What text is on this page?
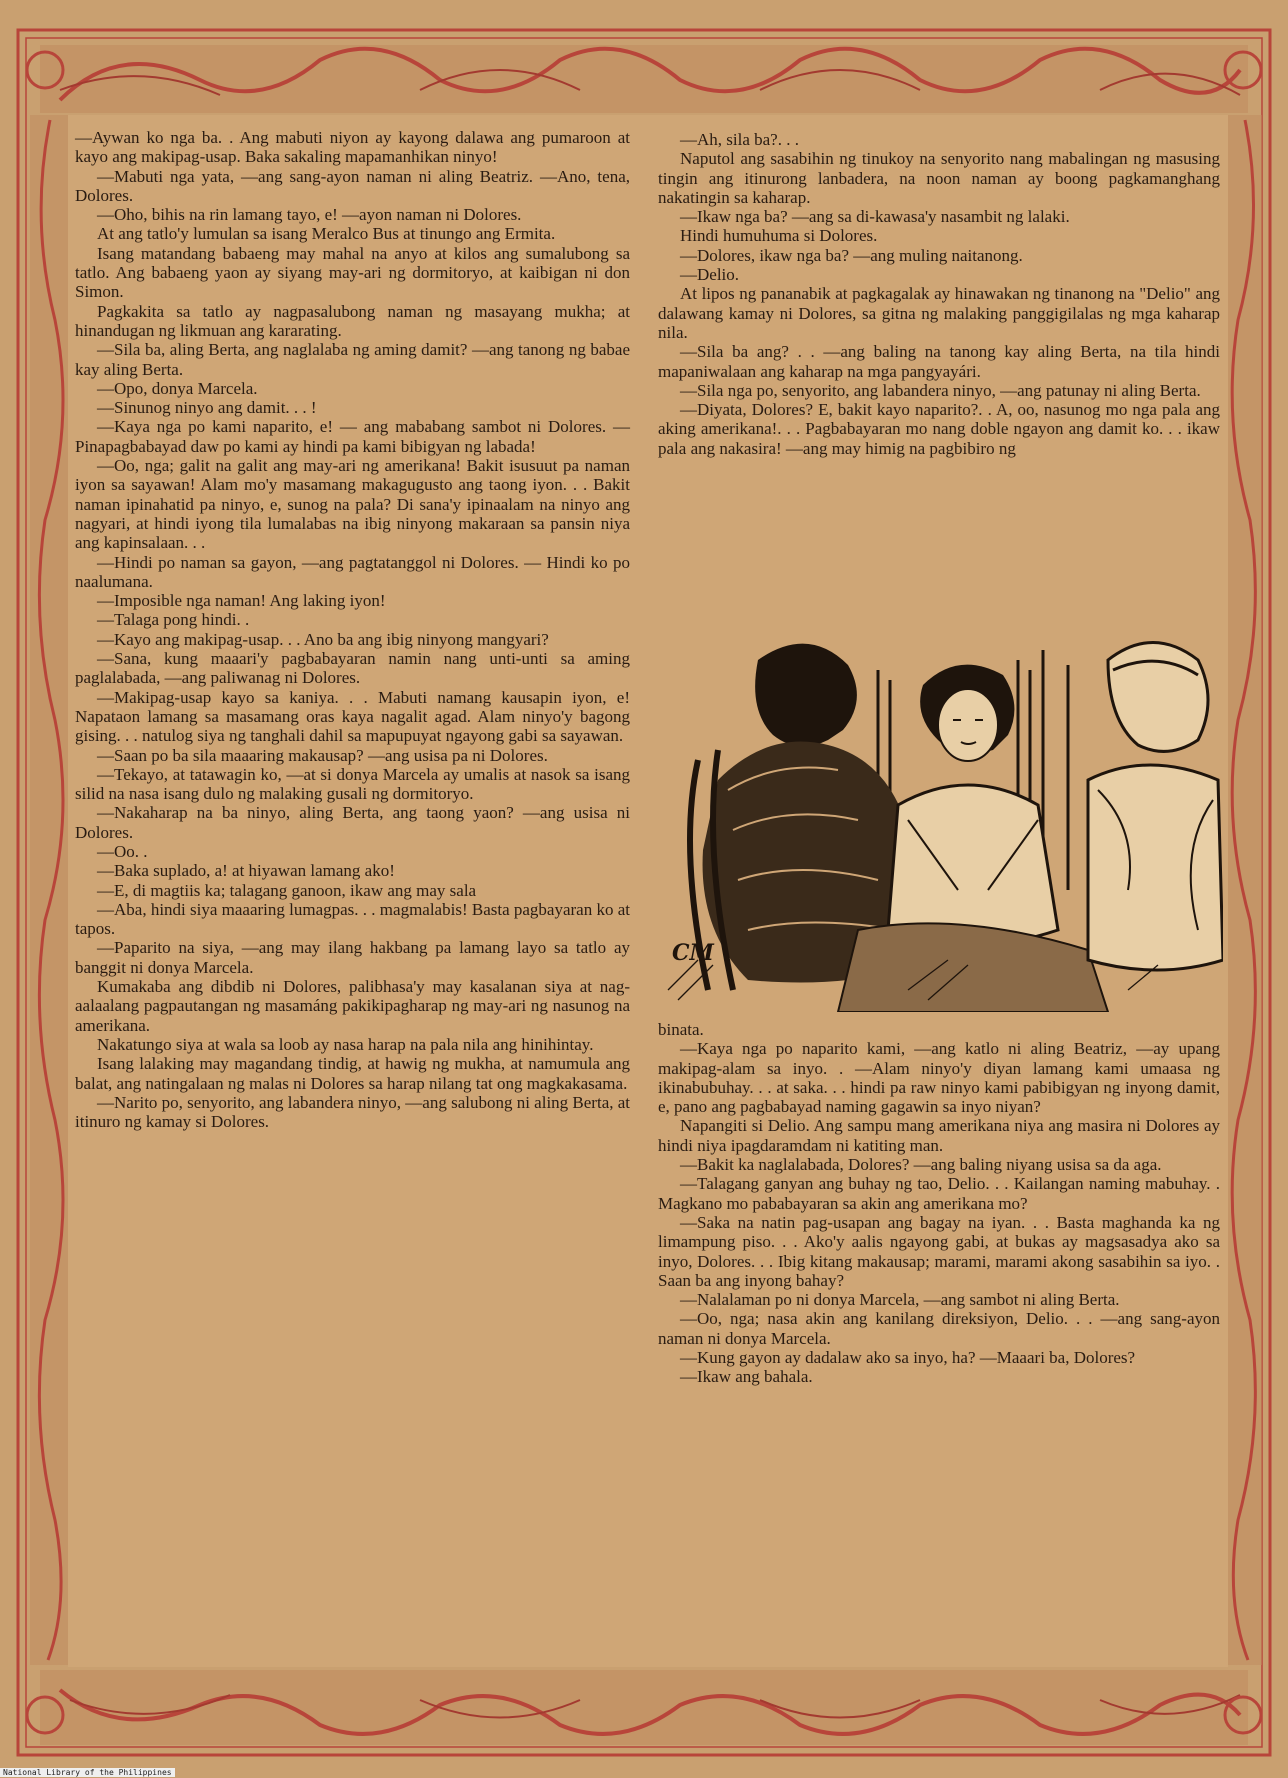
—Aywan ko nga ba. . Ang mabuti niyon ay kayong dalawa ang pumaroon at kayo ang makipag-usap. Baka sakaling mapamanhikan ninyo!

—Mabuti nga yata, —ang sang-ayon naman ni aling Beatriz. —Ano, tena, Dolores.

—Oho, bihis na rin lamang tayo, e! —ayon naman ni Dolores.

At ang tatlo'y lumulan sa isang Meralco Bus at tinungo ang Ermita.

Isang matandang babaeng may mahal na anyo at kilos ang sumalubong sa tatlo. Ang babaeng yaon ay siyang may-ari ng dormitoryo, at kaibigan ni don Simon.

Pagkakita sa tatlo ay nagpasalubong naman ng masayang mukha; at hinandugan ng likmuan ang kararating.

—Sila ba, aling Berta, ang naglalaba ng aming damit? —ang tanong ng babae kay aling Berta.

—Opo, donya Marcela.

—Sinunog ninyo ang damit. . . !

—Kaya nga po kami naparito, e! — ang mababang sambot ni Dolores. —Pinapagbabayad daw po kami ay hindi pa kami bibigyan ng labada!

—Oo, nga; galit na galit ang may-ari ng amerikana! Bakit isusuut pa naman iyon sa sayawan! Alam mo'y masamang makagugusto ang taong iyon. . . Bakit naman ipinahatid pa ninyo, e, sunog na pala? Di sana'y ipinaalam na ninyo ang nagyari, at hindi iyong tila lumalabas na ibig ninyong makaraan sa pansin niya ang kapinsalaan. . .

—Hindi po naman sa gayon, —ang pagtatanggol ni Dolores. — Hindi ko po naalumana.

—Imposible nga naman! Ang laking iyon!

—Talaga pong hindi. .

—Kayo ang makipag-usap. . . Ano ba ang ibig ninyong mangyari?

—Sana, kung maaari'y pagbabayaran namin nang unti-unti sa aming paglalabada, —ang paliwanag ni Dolores.

—Makipag-usap kayo sa kaniya. . . Mabuti namang kausapin iyon, e! Napataon lamang sa masamang oras kaya nagalit agad. Alam ninyo'y bagong gising. . . natulog siya ng tanghali dahil sa mapupuyat ngayong gabi sa sayawan.

—Saan po ba sila maaaring makausap? —ang usisa pa ni Dolores.

—Tekayo, at tatawagin ko, —at si donya Marcela ay umalis at nasok sa isang silid na nasa isang dulo ng malaking gusali ng dormitoryo.

—Nakaharap na ba ninyo, aling Berta, ang taong yaon? —ang usisa ni Dolores.

—Oo. .

—Baka suplado, a! at hiyawan lamang ako!

—E, di magtiis ka; talagang ganoon, ikaw ang may sala

—Aba, hindi siya maaaring lumagpas. . . magmalabis! Basta pagbayaran ko at tapos.

—Paparito na siya, —ang may ilang hakbang pa lamang layo sa tatlo ay banggit ni donya Marcela.

Kumakaba ang dibdib ni Dolores, palibhasa'y may kasalanan siya at nag-aalaalang pagpautangan ng masamáng pakikipagharap ng may-ari ng nasunog na amerikana.

Nakatungo siya at wala sa loob ay nasa harap na pala nila ang hinihintay.

Isang lalaking may magandang tindig, at hawig ng mukha, at namumula ang balat, ang natingalaan ng malas ni Dolores sa harap nilang tat ong magkakasama.

—Narito po, senyorito, ang labandera ninyo, —ang salubong ni aling Berta, at itinuro ng kamay si Dolores.

—Ah, sila ba?. . .

Naputol ang sasabihin ng tinukoy na senyorito nang mabalingan ng masusing tingin ang itinurong lanbadera, na noon naman ay boong pagkamanghang nakatingin sa kaharap.

—Ikaw nga ba? —ang sa di-kawasa'y nasambit ng lalaki.

Hindi humuhuma si Dolores.

—Dolores, ikaw nga ba? —ang muling naitanong.

—Delio.

At lipos ng pananabik at pagkagalak ay hinawakan ng tinanong na "Delio" ang dalawang kamay ni Dolores, sa gitna ng malaking panggigilalas ng mga kaharap nila.

—Sila ba ang? . . —ang baling na tanong kay aling Berta, na tila hindi mapaniwalaan ang kaharap na mga pangyayári.

—Sila nga po, senyorito, ang labandera ninyo, —ang patunay ni aling Berta.

—Diyata, Dolores? E, bakit kayo naparito?. . A, oo, nasunog mo nga pala ang aking amerikana!. . . Pagbabayaran mo nang doble ngayon ang damit ko. . . ikaw pala ang nakasira! —ang may himig na pagbibiro ng

CM

binata.

—Kaya nga po naparito kami, —ang katlo ni aling Beatriz, —ay upang makipag-alam sa inyo. . —Alam ninyo'y diyan lamang kami umaasa ng ikinabubuhay. . . at saka. . . hindi pa raw ninyo kami pabibigyan ng inyong damit, e, pano ang pagbabayad naming gagawin sa inyo niyan?

Napangiti si Delio. Ang sampu mang amerikana niya ang masira ni Dolores ay hindi niya ipagdaramdam ni katiting man.

—Bakit ka naglalabada, Dolores? —ang baling niyang usisa sa da aga.

—Talagang ganyan ang buhay ng tao, Delio. . . Kailangan naming mabuhay. . Magkano mo pababayaran sa akin ang amerikana mo?

—Saka na natin pag-usapan ang bagay na iyan. . . Basta maghanda ka ng limampung piso. . . Ako'y aalis ngayong gabi, at bukas ay magsasadya ako sa inyo, Dolores. . . Ibig kitang makausap; marami, marami akong sasabihin sa iyo. . Saan ba ang inyong bahay?

—Nalalaman po ni donya Marcela, —ang sambot ni aling Berta.

—Oo, nga; nasa akin ang kanilang direksiyon, Delio. . . —ang sang-ayon naman ni donya Marcela.

—Kung gayon ay dadalaw ako sa inyo, ha? —Maaari ba, Dolores?

—Ikaw ang bahala.

National Library of the Philippines
